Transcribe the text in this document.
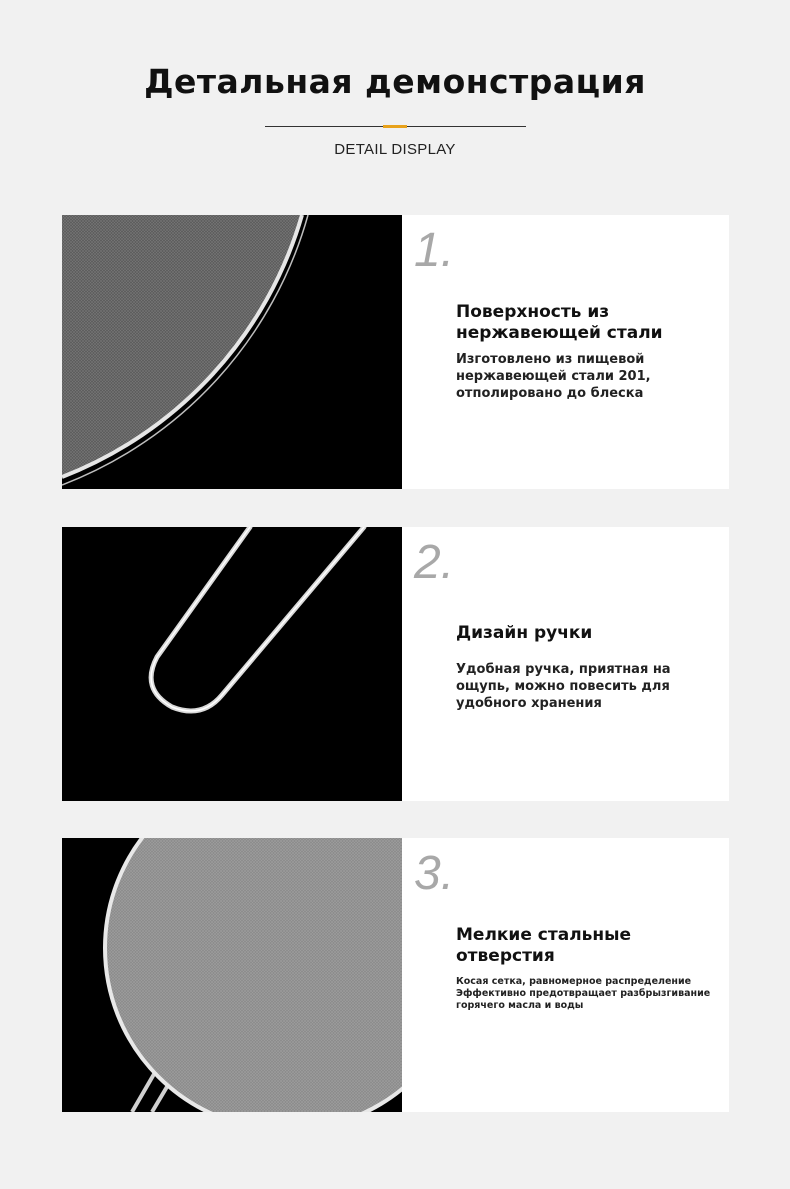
Детальная демонстрация
DETAIL DISPLAY
1.
Поверхность из нержавеющей стали
Изготовлено из пищевой нержавеющей стали 201, отполировано до блеска
2.
Дизайн ручки
Удобная ручка, приятная на ощупь, можно повесить для удобного хранения
3.
Мелкие стальные отверстия
Косая сетка, равномерное распределение Эффективно предотвращает разбрызгивание горячего масла и воды
